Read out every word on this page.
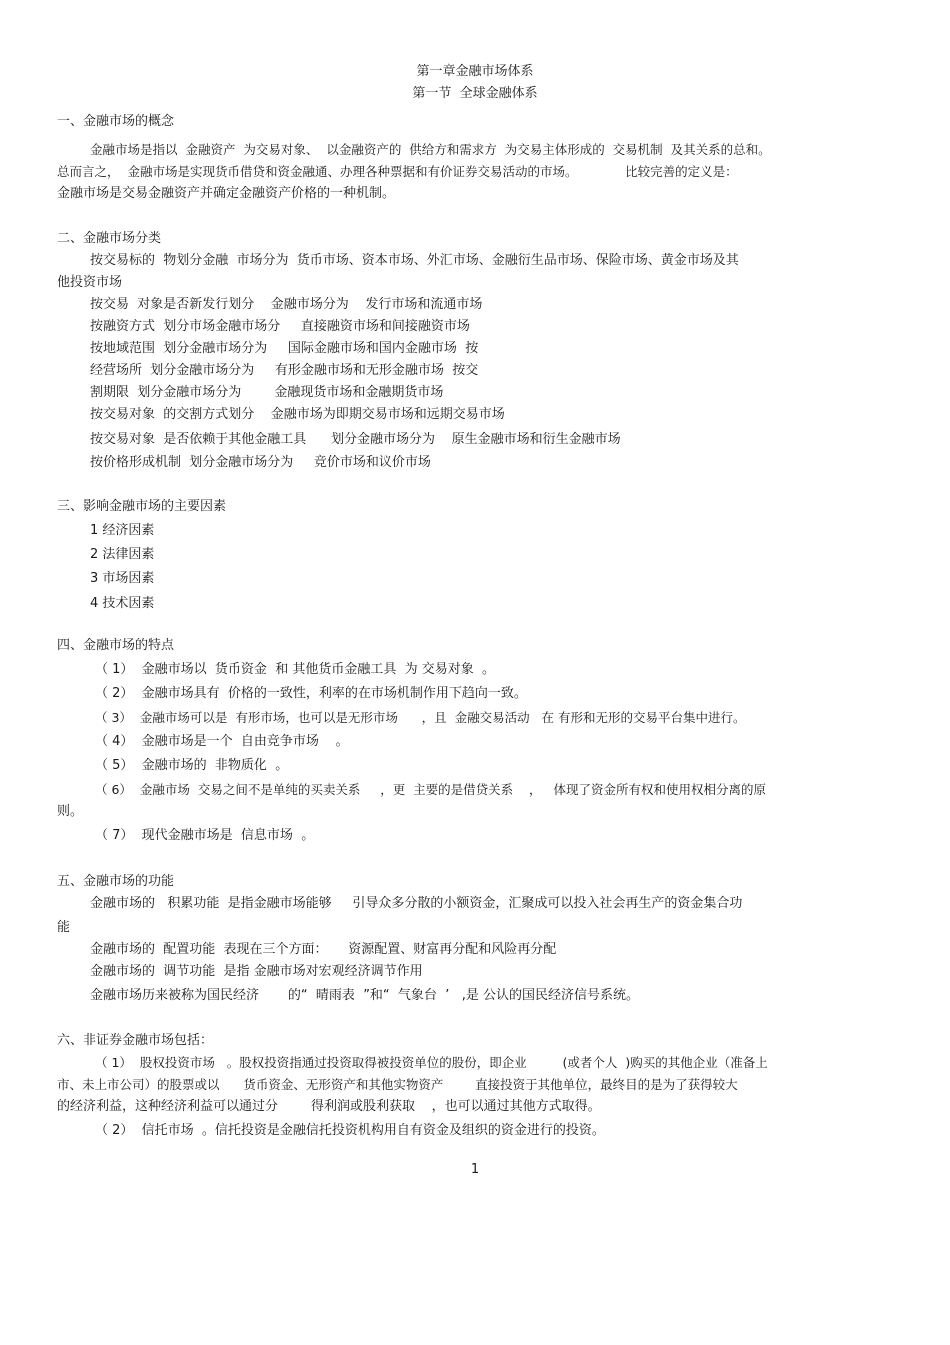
第一章金融市场体系
第一节  全球金融体系
一、金融市场的概念
金融市场是指以  金融资产  为交易对象、  以金融资产的  供给方和需求方  为交易主体形成的  交易机制  及其关系的总和。
总而言之，  金融市场是实现货币借贷和资金融通、办理各种票据和有价证券交易活动的市场。            比较完善的定义是：
金融市场是交易金融资产并确定金融资产价格的一种机制。
二、金融市场分类
按交易标的  物划分金融  市场分为  货币市场、资本市场、外汇市场、金融衍生品市场、保险市场、黄金市场及其
他投资市场
按交易  对象是否新发行划分    金融市场分为    发行市场和流通市场
按融资方式  划分市场金融市场分     直接融资市场和间接融资市场
按地域范围  划分金融市场分为     国际金融市场和国内金融市场  按
经营场所  划分金融市场分为     有形金融市场和无形金融市场  按交
割期限  划分金融市场分为        金融现货市场和金融期货市场
按交易对象  的交割方式划分    金融市场为即期交易市场和远期交易市场
按交易对象  是否依赖于其他金融工具      划分金融市场分为    原生金融市场和衍生金融市场
按价格形成机制  划分金融市场分为     竞价市场和议价市场
三、影响金融市场的主要因素
1 经济因素
2 法律因素
3 市场因素
4 技术因素
四、金融市场的特点
（ 1）  金融市场以  货币资金  和 其他货币金融工具  为 交易对象  。
（ 2）  金融市场具有  价格的一致性，利率的在市场机制作用下趋向一致。
（ 3）  金融市场可以是  有形市场，也可以是无形市场      ，且  金融交易活动   在 有形和无形的交易平台集中进行。
（ 4）  金融市场是一个  自由竞争市场    。
（ 5）  金融市场的  非物质化  。
（ 6）  金融市场  交易之间不是单纯的买卖关系     ，更  主要的是借贷关系    ，   体现了资金所有权和使用权相分离的原
则。
（ 7）  现代金融市场是  信息市场  。
五、金融市场的功能
金融市场的   积累功能  是指金融市场能够     引导众多分散的小额资金，汇聚成可以投入社会再生产的资金集合功
能
金融市场的  配置功能  表现在三个方面：     资源配置、财富再分配和风险再分配
金融市场的  调节功能  是指 金融市场对宏观经济调节作用
金融市场历来被称为国民经济       的“  晴雨表  ”和“  气象台  ’   ,是 公认的国民经济信号系统。
六、非证券金融市场包括：
（ 1）  股权投资市场   。股权投资指通过投资取得被投资单位的股份，即企业         (或者个人  )购买的其他企业（准备上
市、未上市公司）的股票或以      货币资金、无形资产和其他实物资产        直接投资于其他单位，最终目的是为了获得较大
的经济利益，这种经济利益可以通过分        得利润或股利获取    ，也可以通过其他方式取得。
（ 2）  信托市场  。信托投资是金融信托投资机构用自有资金及组织的资金进行的投资。
1
